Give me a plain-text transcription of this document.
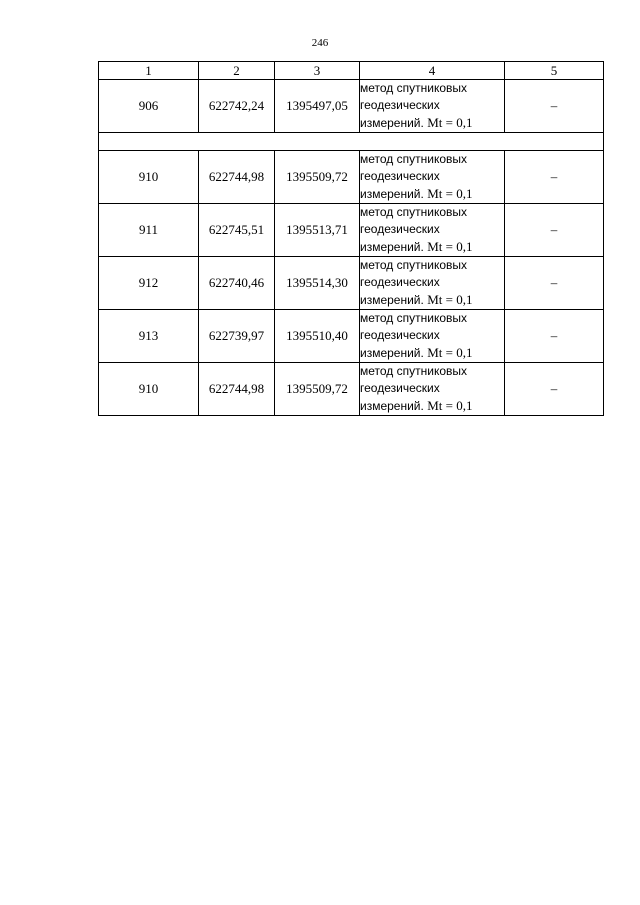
246
1	2	3	4	5
906	622742,24	1395497,05	метод спутниковых
геодезических
измерений. Mt = 0,1	–

910	622744,98	1395509,72	метод спутниковых
геодезических
измерений. Mt = 0,1	–
911	622745,51	1395513,71	метод спутниковых
геодезических
измерений. Mt = 0,1	–
912	622740,46	1395514,30	метод спутниковых
геодезических
измерений. Mt = 0,1	–
913	622739,97	1395510,40	метод спутниковых
геодезических
измерений. Mt = 0,1	–
910	622744,98	1395509,72	метод спутниковых
геодезических
измерений. Mt = 0,1	–
